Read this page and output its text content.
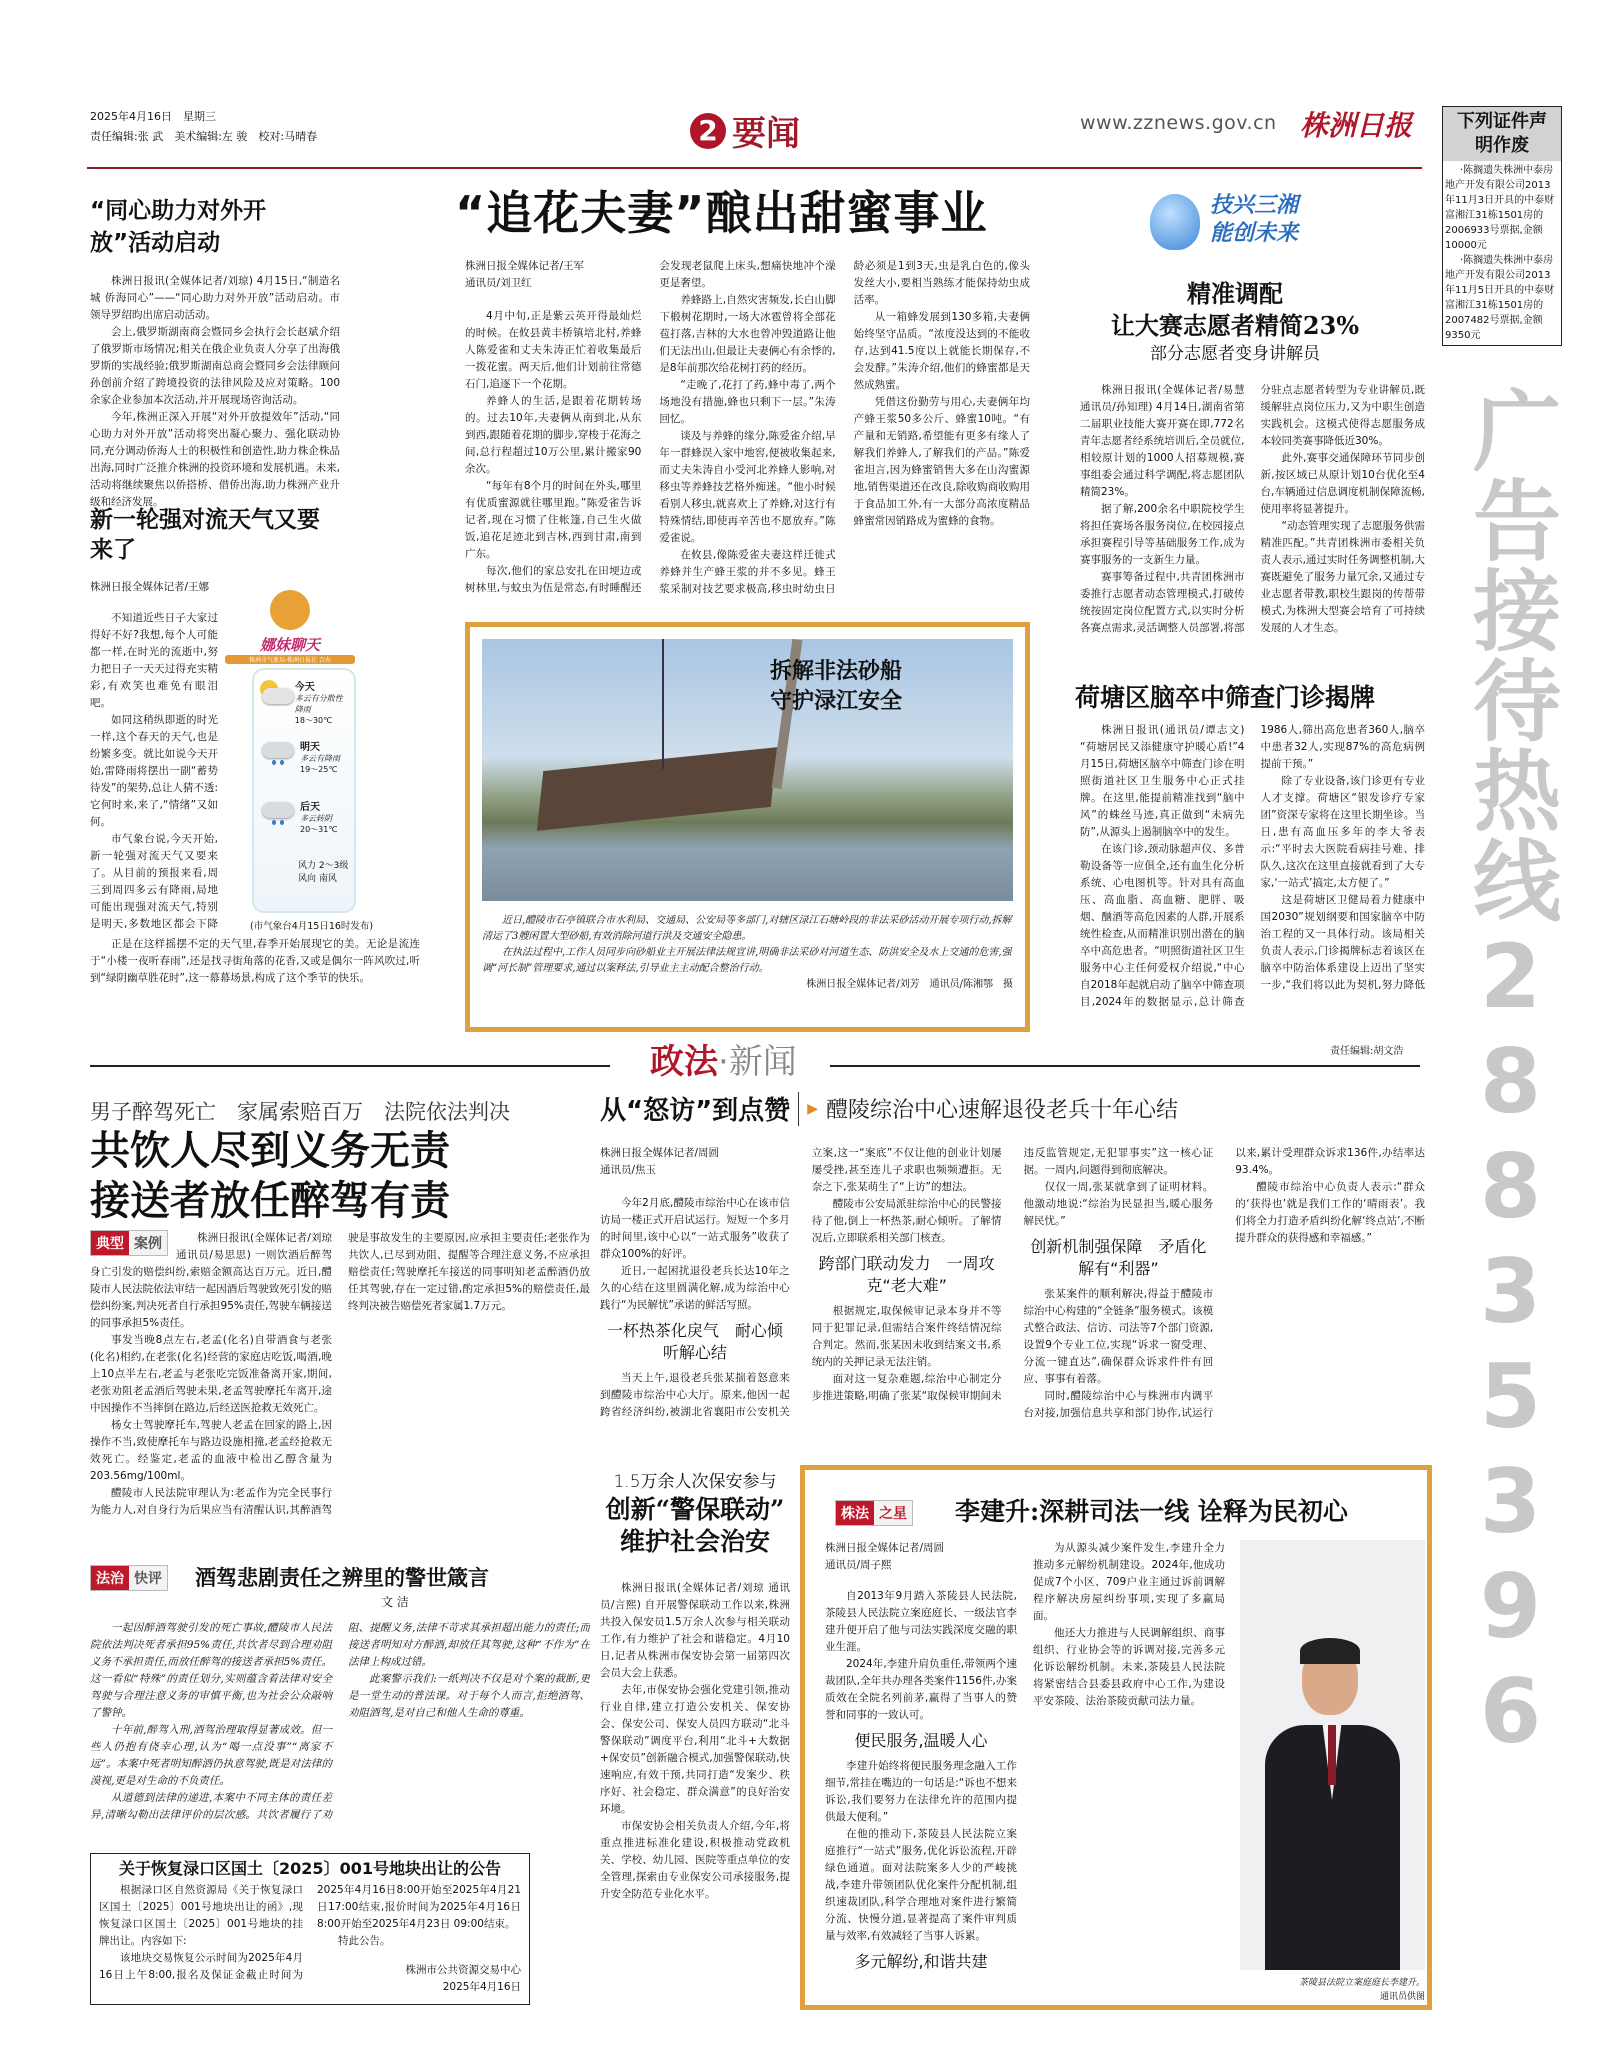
2025年4月16日　星期三
责任编辑:张 武　美术编辑:左 骏　校对:马晴春	2 要闻	www.zznews.gov.cn 株洲日报	下列证件声明作废

·陈搁遗失株洲中泰房地产开发有限公司2013年11月3日开具的中泰财富湘江31栋1501房的2006933号票据,金额10000元

·陈搁遗失株洲中泰房地产开发有限公司2013年11月5日开具的中泰财富湘江31栋1501房的2007482号票据,金额9350元

广告接待热线28835396
“同心助力对外开放”活动启动

株洲日报讯(全媒体记者/刘琼) 4月15日,“制造名城 侨海同心”——“同心助力对外开放”活动启动。市领导罗绍昀出席启动活动。

会上,俄罗斯湖南商会暨同乡会执行会长赵斌介绍了俄罗斯市场情况;相关在俄企业负责人分享了出海俄罗斯的实战经验;俄罗斯湖南总商会暨同乡会法律顾问孙创前介绍了跨境投资的法律风险及应对策略。100余家企业参加本次活动,并开展现场咨询活动。

今年,株洲正深入开展“对外开放提效年”活动,“同心助力对外开放”活动将突出凝心聚力、强化联动协同,充分调动侨海人士的积极性和创造性,助力株企株品出海,同时广泛推介株洲的投资环境和发展机遇。未来,活动将继续聚焦以侨搭桥、借侨出海,助力株洲产业升级和经济发展。

新一轮强对流天气又要来了
株洲日报全媒体记者/王娜

不知道近些日子大家过得好不好?我想,每个人可能都一样,在时光的流逝中,努力把日子一天天过得充实精彩,有欢笑也难免有眼泪吧。

如同这稍纵即逝的时光一样,这个春天的天气,也是纷繁多变。就比如说今天开始,雷降雨将摆出一副“蓄势待发”的架势,总让人猜不透:它何时来,来了,“情绪”又如何。

市气象台说,今天开始,新一轮强对流天气又要来了。从目前的预报来看,周三到周四多云有降雨,局地可能出现强对流天气,特别是明天,多数地区都会下降

正是在这样摇摆不定的天气里,春季开始展现它的美。无论是流连于“小楼一夜听春雨”,还是找寻街角落的花香,又或是偶尔一阵风吹过,听到“绿阴幽草胜花时”,这一幕幕场景,构成了这个季节的快乐。

娜妹聊天
株洲市气象局·株洲日报社 合办
今天
多云有分散性降雨
18～30℃
明天
多云有降雨
19～25℃
后天
多云转阴
20～31℃
风力 2～3级
风向 南风
(市气象台4月15日16时发布)
“追花夫妻”酿出甜蜜事业
株洲日报全媒体记者/王军
通讯员/刘卫红

4月中旬,正是紫云英开得最灿烂的时候。在攸县黄丰桥镇培北村,养蜂人陈爱雀和丈夫朱涛正忙着收集最后一拨花蜜。两天后,他们计划前往常德石门,追逐下一个花期。

养蜂人的生活,是跟着花期转场的。过去10年,夫妻俩从南到北,从东到西,跟随着花期的脚步,穿梭于花海之间,总行程超过10万公里,累计搬家90余次。

“每年有8个月的时间在外头,哪里有优质蜜源就往哪里跑。”陈爱雀告诉记者,现在习惯了住帐篷,自己生火做饭,追花足迹北到吉林,西到甘肃,南到广东。

每次,他们的家总安扎在田埂边或树林里,与蚊虫为伍是常态,有时睡醒还会发现老鼠爬上床头,想痛快地冲个澡更是奢望。

养蜂路上,自然灾害频发,长白山脚下椴树花期时,一场大冰雹曾将全部花苞打落,吉林的大水也曾冲毁道路让他们无法出山,但最让夫妻俩心有余悸的,是8年前那次给花树打药的经历。

“走晚了,花打了药,蜂中毒了,两个场地没有措施,蜂也只剩下一层。”朱涛回忆。

谈及与养蜂的缘分,陈爱雀介绍,早年一群蜂误入家中地窖,便被收集起来,而丈夫朱涛自小受河北养蜂人影响,对移虫等养蜂技艺格外痴迷。“他小时候看别人移虫,就喜欢上了养蜂,对这行有特殊情结,即使再辛苦也不愿放弃。”陈爱雀说。

在攸县,像陈爱雀夫妻这样迁徙式养蜂并生产蜂王浆的并不多见。蜂王浆采制对技艺要求极高,移虫时幼虫日龄必须是1到3天,虫是乳白色的,像头发丝大小,要相当熟练才能保持幼虫成活率。

从一箱蜂发展到130多箱,夫妻俩始终坚守品质。“浓度没达到的不能收存,达到41.5度以上就能长期保存,不会发酵。”朱涛介绍,他们的蜂蜜都是天然成熟蜜。

凭借这份勤劳与用心,夫妻俩年均产蜂王浆50多公斤、蜂蜜10吨。“有产量和无销路,希望能有更多有缘人了解我们养蜂人,了解我们的产品。”陈爱雀坦言,因为蜂蜜销售大多在山沟蜜源地,销售渠道还在改良,除收购商收购用于食品加工外,有一大部分高浓度精品蜂蜜常因销路成为蜜蜂的食物。

拆解非法砂船
守护渌江安全

近日,醴陵市石亭镇联合市水利局、交通局、公安局等多部门,对辖区渌江石塘岭段的非法采砂活动开展专项行动,拆解清运了3艘闲置大型砂船,有效消除河道行洪及交通安全隐患。

在执法过程中,工作人员同步向砂船业主开展法律法规宣讲,明确非法采砂对河道生态、防洪安全及水上交通的危害,强调“河长制”管理要求,通过以案释法,引导业主主动配合整治行动。

株洲日报全媒体记者/刘芳　通讯员/陈湘鄂　摄

技兴三湘
能创未来
精准调配
让大赛志愿者精简23%
部分志愿者变身讲解员

株洲日报讯(全媒体记者/易慧 通讯员/孙知理) 4月14日,湖南省第二届职业技能大赛开赛在即,772名青年志愿者经系统培训后,全员就位,相较原计划的1000人招募规模,赛事组委会通过科学调配,将志愿团队精简23%。

据了解,200余名中职院校学生将担任赛场各服务岗位,在校园接点承担赛程引导等基础服务工作,成为赛事服务的一支新生力量。

赛事筹备过程中,共青团株洲市委推行志愿者动态管理模式,打破传统按固定岗位配置方式,以实时分析各赛点需求,灵活调整人员部署,将部分驻点志愿者转型为专业讲解员,既缓解驻点岗位压力,又为中职生创造实践机会。这模式使得志愿服务成本较同类赛事降低近30%。

此外,赛事交通保障环节同步创新,按区域已从原计划10台优化至4台,车辆通过信息调度机制保障流畅,使用率将显著提升。

“动态管理实现了志愿服务供需精准匹配。”共青团株洲市委相关负责人表示,通过实时任务调整机制,大赛既避免了服务力量冗余,又通过专业志愿者带教,职校生跟岗的传帮带模式,为株洲大型赛会培育了可持续发展的人才生态。

荷塘区脑卒中筛查门诊揭牌

株洲日报讯(通讯员/谭志文) “荷塘居民又添健康守护暖心盾!”4月15日,荷塘区脑卒中筛查门诊在明照街道社区卫生服务中心正式挂牌。在这里,能提前精准找到“脑中风”的蛛丝马迹,真正做到“未病先防”,从源头上遏制脑卒中的发生。

在该门诊,颈动脉超声仪、多普勒设备等一应俱全,还有血生化分析系统、心电图机等。针对具有高血压、高血脂、高血糖、肥胖、吸烟、酗酒等高危因素的人群,开展系统性检查,从而精准识别出潜在的脑卒中高危患者。“明照街道社区卫生服务中心主任何爱权介绍说,“中心自2018年起就启动了脑卒中筛查项目,2024年的数据显示,总计筛查1986人,筛出高危患者360人,脑卒中患者32人,实现87%的高危病例提前干预。”

除了专业设备,该门诊更有专业人才支撑。荷塘区“银发诊疗专家团”资深专家将在这里长期坐诊。当日,患有高血压多年的李大爷表示:“平时去大医院看病挂号难、排队久,这次在这里直接就看到了大专家,‘一站式’搞定,太方便了。”

这是荷塘区卫健局着力健康中国2030”规划纲要和国家脑卒中防治工程的又一具体行动。该局相关负责人表示,门诊揭牌标志着该区在脑卒中防治体系建设上迈出了坚实一步,“我们将以此为契机,努力降低

责任编辑:胡文浩
政法·新闻
男子醉驾死亡　家属索赔百万　法院依法判决
共饮人尽到义务无责
接送者放任醉驾有责
典型 案例	株洲日报讯(全媒体记者/刘琼 通讯员/易思思) 一则饮酒后醉驾身亡引发的赔偿纠纷,索赔金额高达百万元。近日,醴陵市人民法院依法审结一起因酒后驾驶致死引发的赔偿纠纷案,判决死者自行承担95%责任,驾驶车辆接送的同事承担5%责任。

事发当晚8点左右,老孟(化名)自带酒食与老张(化名)相约,在老张(化名)经营的家庭店吃饭,喝酒,晚上10点半左右,老孟与老张吃完饭准备离开家,期间,老张劝阻老孟酒后驾驶未果,老孟驾驶摩托车离开,途中因操作不当摔倒在路边,后经送医抢救无效死亡。

杨女士驾驶摩托车,驾驶人老孟在回家的路上,因操作不当,致使摩托车与路边设施相撞,老孟经抢救无效死亡。经鉴定,老孟的血液中检出乙醇含量为203.56mg/100ml。

醴陵市人民法院审理认为:老孟作为完全民事行为能力人,对自身行为后果应当有清醒认识,其醉酒驾驶是事故发生的主要原因,应承担主要责任;老张作为共饮人,已尽到劝阻、提醒等合理注意义务,不应承担赔偿责任;驾驶摩托车接送的同事明知老孟醉酒仍放任其驾驶,存在一定过错,酌定承担5%的赔偿责任,最终判决被告赔偿死者家属1.7万元。

法治 快评 酒驾悲剧责任之辨里的警世箴言
文 洁

一起因醉酒驾驶引发的死亡事故,醴陵市人民法院依法判决死者承担95%责任,共饮者尽到合理劝阻义务不承担责任,而放任醉驾的接送者承担5%责任。这一看似“特殊”的责任划分,实则蕴含着法律对安全驾驶与合理注意义务的审慎平衡,也为社会公众敲响了警钟。

十年前,醉驾入刑,酒驾治理取得显著成效。但一些人仍抱有侥幸心理,认为“喝一点没事”“离家不远”。本案中死者明知醉酒仍执意驾驶,既是对法律的漠视,更是对生命的不负责任。

从道德到法律的递进,本案中不同主体的责任差异,清晰勾勒出法律评价的层次感。共饮者履行了劝阻、提醒义务,法律不苛求其承担超出能力的责任;而接送者明知对方醉酒,却放任其驾驶,这种“不作为”在法律上构成过错。

此案警示我们:一纸判决不仅是对个案的裁断,更是一堂生动的普法课。对于每个人而言,拒绝酒驾、劝阻酒驾,是对自己和他人生命的尊重。

关于恢复渌口区国土〔2025〕001号地块出让的公告

根据渌口区自然资源局《关于恢复渌口区国土〔2025〕001号地块出让的函》,现恢复渌口区国土〔2025〕001号地块的挂牌出让。内容如下:

该地块交易恢复公示时间为2025年4月16日上午8:00,报名及保证金截止时间为2025年4月16日8:00开始至2025年4月21日17:00结束,报价时间为2025年4月16日8:00开始至2025年4月23日 09:00结束。

特此公告。

株洲市公共资源交易中心
2025年4月16日
从“怒访”到点赞 ▶ 醴陵综治中心速解退役老兵十年心结
株洲日报全媒体记者/周圆
通讯员/焦玉

今年2月底,醴陵市综治中心在该市信访局一楼正式开启试运行。短短一个多月的时间里,该中心以“一站式服务”收获了群众100%的好评。

近日,一起困扰退役老兵长达10年之久的心结在这里圆满化解,成为综治中心践行“为民解忧”承诺的鲜活写照。

一杯热茶化戾气　耐心倾听解心结

当天上午,退役老兵张某揣着怒意来到醴陵市综治中心大厅。原来,他因一起跨省经济纠纷,被湖北省襄阳市公安机关立案,这一“案底”不仅让他的创业计划屡屡受挫,甚至连儿子求职也频频遭拒。无奈之下,张某萌生了“上访”的想法。

醴陵市公安局派驻综治中心的民警接待了他,倒上一杯热茶,耐心倾听。了解情况后,立即联系相关部门核查。

跨部门联动发力　一周攻克“老大难”

根据规定,取保候审记录本身并不等同于犯罪记录,但需结合案件终结情况综合判定。然而,张某因未收到结案文书,系统内的关押记录无法注销。

面对这一复杂难题,综治中心制定分步推进策略,明确了张某“取保候审期间未违反监管规定,无犯罪事实”这一核心证据。一周内,问题得到彻底解决。

仅仅一周,张某就拿到了证明材料。他激动地说:“综治为民显担当,暖心服务解民忧。”

创新机制强保障　矛盾化解有“利器”

张某案件的顺利解决,得益于醴陵市综治中心构建的“全链条”服务模式。该模式整合政法、信访、司法等7个部门资源,设置9个专业工位,实现“诉求一窗受理、分流一键直达”,确保群众诉求件件有回应、事事有着落。

同时,醴陵综治中心与株洲市内调平台对接,加强信息共享和部门协作,试运行以来,累计受理群众诉求136件,办结率达93.4%。

醴陵市综治中心负责人表示:“群众的‘获得也’就是我们工作的‘晴雨表’。我们将全力打造矛盾纠纷化解‘终点站’,不断提升群众的获得感和幸福感。”

1.5万余人次保安参与
创新“警保联动”
维护社会治安

株洲日报讯(全媒体记者/刘琼 通讯员/言熙) 自开展警保联动工作以来,株洲共投入保安员1.5万余人次参与相关联动工作,有力维护了社会和谐稳定。4月10日,记者从株洲市保安协会第一届第四次会员大会上获悉。

去年,市保安协会强化党建引领,推动行业自律,建立打造公安机关、保安协会、保安公司、保安人员四方联动“北斗警保联动”调度平台,利用“北斗+大数据+保安员”创新融合模式,加强警保联动,快速响应,有效干预,共同打造“发案少、秩序好、社会稳定、群众满意”的良好治安环境。

市保安协会相关负责人介绍,今年,将重点推进标准化建设,积极推动党政机关、学校、幼儿园、医院等重点单位的安全管理,探索由专业保安公司承接服务,提升安全防范专业化水平。

株法 之星 李建升:深耕司法一线 诠释为民初心
株洲日报全媒体记者/周圆
通讯员/周子熙

自2013年9月踏入茶陵县人民法院,茶陵县人民法院立案庭庭长、一级法官李建升便开启了他与司法实践深度交融的职业生涯。

2024年,李建升肩负重任,带领两个速裁团队,全年共办理各类案件1156件,办案质效在全院名列前茅,赢得了当事人的赞誉和同事的一致认可。

便民服务,温暖人心

李建升始终将便民服务理念融入工作细节,常挂在嘴边的一句话是:“诉也不想来诉讼,我们要努力在法律允许的范围内提供最大便利。”

在他的推动下,茶陵县人民法院立案庭推行“一站式”服务,优化诉讼流程,开辟绿色通道。面对法院案多人少的严峻挑战,李建升带领团队优化案件分配机制,组织速裁团队,科学合理地对案件进行繁简分流、快慢分道,显著提高了案件审判质量与效率,有效减轻了当事人诉累。

多元解纷,和谐共建

为从源头减少案件发生,李建升全力推动多元解纷机制建设。2024年,他成功促成7个小区、709户业主通过诉前调解程序解决房屋纠纷事项,实现了多赢局面。

他还大力推进与人民调解组织、商事组织、行业协会等的诉调对接,完善多元化诉讼解纷机制。未来,茶陵县人民法院将紧密结合县委县政府中心工作,为建设平安茶陵、法治茶陵贡献司法力量。

茶陵县法院立案庭庭长李建升。
通讯员供图
